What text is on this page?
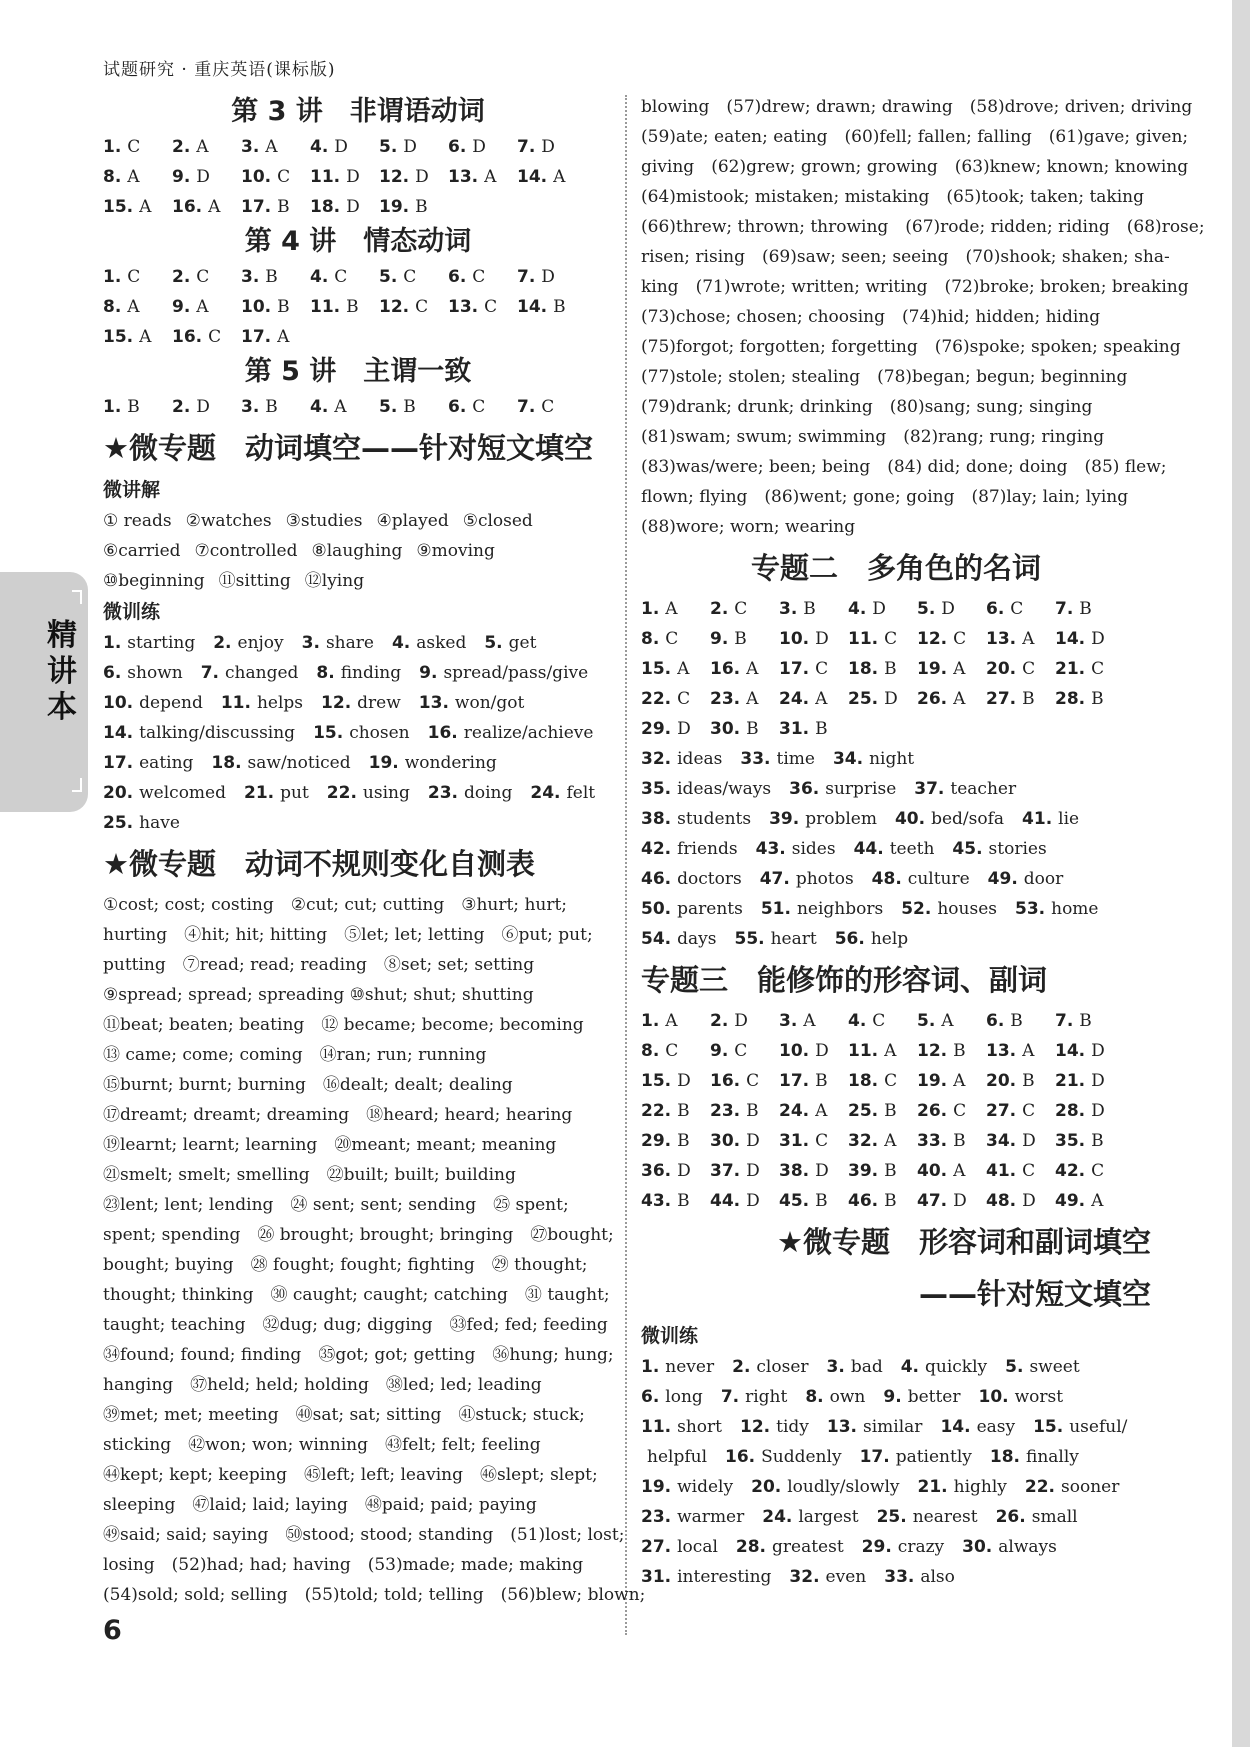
试题研究 · 重庆英语(课标版)
精讲本
第 3 讲　非谓语动词
1. C	2. A	3. A	4. D	5. D	6. D	7. D
8. A	9. D	10. C	11. D	12. D	13. A	14. A
15. A	16. A	17. B	18. D	19. B
第 4 讲　情态动词
1. C	2. C	3. B	4. C	5. C	6. C	7. D
8. A	9. A	10. B	11. B	12. C	13. C	14. B
15. A	16. C	17. A
第 5 讲　主谓一致
1. B	2. D	3. B	4. A	5. B	6. C	7. C
★微专题　动词填空——针对短文填空
微讲解
① reads ②watches ③studies ④played ⑤closed
⑥carried ⑦controlled ⑧laughing ⑨moving
⑩beginning ⑪sitting ⑫lying
微训练
1. starting 2. enjoy 3. share 4. asked 5. get
6. shown 7. changed 8. finding 9. spread/pass/give
10. depend 11. helps 12. drew 13. won/got
14. talking/discussing 15. chosen 16. realize/achieve
17. eating 18. saw/noticed 19. wondering
20. welcomed 21. put 22. using 23. doing 24. felt
25. have
★微专题　动词不规则变化自测表
①cost; cost; costing　②cut; cut; cutting　③hurt; hurt;
hurting　④hit; hit; hitting　⑤let; let; letting　⑥put; put;
putting　⑦read; read; reading　⑧set; set; setting
⑨spread; spread; spreading ⑩shut; shut; shutting
⑪beat; beaten; beating　⑫ became; become; becoming
⑬ came; come; coming　⑭ran; run; running
⑮burnt; burnt; burning　⑯dealt; dealt; dealing
⑰dreamt; dreamt; dreaming　⑱heard; heard; hearing
⑲learnt; learnt; learning　⑳meant; meant; meaning
㉑smelt; smelt; smelling　㉒built; built; building
㉓lent; lent; lending　㉔ sent; sent; sending　㉕ spent;
spent; spending　㉖ brought; brought; bringing　㉗bought;
bought; buying　㉘ fought; fought; fighting　㉙ thought;
thought; thinking　㉚ caught; caught; catching　㉛ taught;
taught; teaching　㉜dug; dug; digging　㉝fed; fed; feeding
㉞found; found; finding　㉟got; got; getting　㊱hung; hung;
hanging　㊲held; held; holding　㊳led; led; leading
㊴met; met; meeting　㊵sat; sat; sitting　㊶stuck; stuck;
sticking　㊷won; won; winning　㊸felt; felt; feeling
㊹kept; kept; keeping　㊺left; left; leaving　㊻slept; slept;
sleeping　㊼laid; laid; laying　㊽paid; paid; paying
㊾said; said; saying　㊿stood; stood; standing　(51)lost; lost;
losing　(52)had; had; having　(53)made; made; making
(54)sold; sold; selling　(55)told; told; telling　(56)blew; blown;
blowing　(57)drew; drawn; drawing　(58)drove; driven; driving
(59)ate; eaten; eating　(60)fell; fallen; falling　(61)gave; given;
giving　(62)grew; grown; growing　(63)knew; known; knowing
(64)mistook; mistaken; mistaking　(65)took; taken; taking
(66)threw; thrown; throwing　(67)rode; ridden; riding　(68)rose;
risen; rising　(69)saw; seen; seeing　(70)shook; shaken; sha-
king　(71)wrote; written; writing　(72)broke; broken; breaking
(73)chose; chosen; choosing　(74)hid; hidden; hiding
(75)forgot; forgotten; forgetting　(76)spoke; spoken; speaking
(77)stole; stolen; stealing　(78)began; begun; beginning
(79)drank; drunk; drinking　(80)sang; sung; singing
(81)swam; swum; swimming　(82)rang; rung; ringing
(83)was/were; been; being　(84) did; done; doing　(85) flew;
flown; flying　(86)went; gone; going　(87)lay; lain; lying
(88)wore; worn; wearing
专题二　多角色的名词
1. A	2. C	3. B	4. D	5. D	6. C	7. B
8. C	9. B	10. D	11. C	12. C	13. A	14. D
15. A	16. A	17. C	18. B	19. A	20. C	21. C
22. C	23. A	24. A	25. D	26. A	27. B	28. B
29. D	30. B	31. B
32. ideas 33. time 34. night
35. ideas/ways 36. surprise 37. teacher
38. students 39. problem 40. bed/sofa 41. lie
42. friends 43. sides 44. teeth 45. stories
46. doctors 47. photos 48. culture 49. door
50. parents 51. neighbors 52. houses 53. home
54. days 55. heart 56. help
专题三　能修饰的形容词、副词
1. A	2. D	3. A	4. C	5. A	6. B	7. B
8. C	9. C	10. D	11. A	12. B	13. A	14. D
15. D	16. C	17. B	18. C	19. A	20. B	21. D
22. B	23. B	24. A	25. B	26. C	27. C	28. D
29. B	30. D	31. C	32. A	33. B	34. D	35. B
36. D	37. D	38. D	39. B	40. A	41. C	42. C
43. B	44. D	45. B	46. B	47. D	48. D	49. A
★微专题　形容词和副词填空
——针对短文填空
微训练
1. never 2. closer 3. bad 4. quickly 5. sweet
6. long 7. right 8. own 9. better 10. worst
11. short 12. tidy 13. similar 14. easy 15. useful/
helpful 16. Suddenly 17. patiently 18. finally
19. widely 20. loudly/slowly 21. highly 22. sooner
23. warmer 24. largest 25. nearest 26. small
27. local 28. greatest 29. crazy 30. always
31. interesting 32. even 33. also
6
